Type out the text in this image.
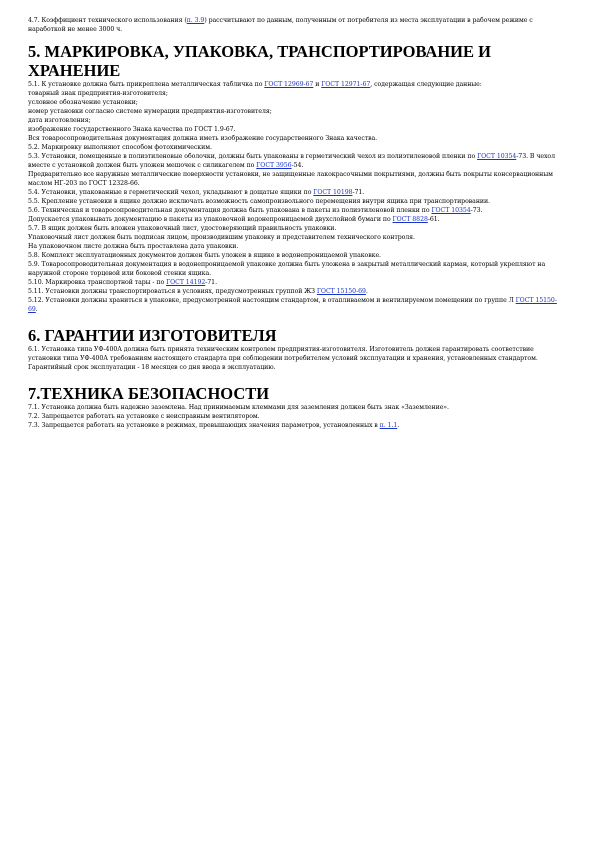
4.7. Коэффициент технического использования (п. 3.9) рассчитывают по данным, полученным от потребителя из места эксплуатации в рабочем режиме с наработкой не менее 3000 ч.

5. МАРКИРОВКА, УПАКОВКА, ТРАНСПОРТИРОВАНИЕ И ХРАНЕНИЕ

5.1. К установке должна быть прикреплена металлическая табличка по ГОСТ 12969-67 и ГОСТ 12971-67, содержащая следующие данные:

товарный знак предприятия-изготовителя;

условное обозначение установки;

номер установки согласно системе нумерации предприятия-изготовителя;

дата изготовления;

изображение государственного Знака качества по ГОСТ 1.9-67.

Вся товаросопроводительная документация должна иметь изображение государственного Знака качества.

5.2. Маркировку выполняют способом фотохимическим.

5.3. Установки, помещенные в полиэтиленовые оболочки, должны быть упакованы в герметический чехол из полиэтиленовой пленки по ГОСТ 10354-73. В чехол вместе с установкой должен быть уложен мешочек с силикагелем по ГОСТ 3956-54.

Предварительно все наружные металлические поверхности установки, не защищенные лакокрасочными покрытиями, должны быть покрыты консервационным маслом НГ-203 по ГОСТ 12328-66.

5.4. Установки, упакованные в герметический чехол, укладывают в дощатые ящики по ГОСТ 10198-71.

5.5. Крепление установки в ящике должно исключать возможность самопроизвольного перемещения внутри ящика при транспортировании.

5.6. Техническая и товаросопроводительная документация должна быть упакована в пакеты из полиэтиленовой пленки по ГОСТ 10354-73.

Допускается упаковывать документацию в пакеты из упаковочной водонепроницаемой двухслойной бумаги по ГОСТ 8828-61.

5.7. В ящик должен быть вложен упаковочный лист, удостоверяющий правильность упаковки.

Упаковочный лист должен быть подписан лицом, производившим упаковку и представителем технического контроля.

На упаковочном листе должна быть проставлена дата упаковки.

5.8. Комплект эксплуатационных документов должен быть уложен в ящике в водонепроницаемой упаковке.

5.9. Товаросопроводительная документация в водонепроницаемой упаковке должна быть уложена в закрытый металлический карман, который укрепляют на наружной стороне торцевой или боковой стенки ящика.

5.10. Маркировка транспортной тары - по ГОСТ 14192-71.

5.11. Установки должны транспортироваться в условиях, предусмотренных группой ЖЗ ГОСТ 15150-69.

5.12. Установки должны храниться в упаковке, предусмотренной настоящим стандартом, в отапливаемом и вентилируемом помещении по группе Л ГОСТ 15150-69.

6. ГАРАНТИИ ИЗГОТОВИТЕЛЯ

6.1. Установка типа УФ-400А должна быть принята техническим контролем предприятия-изготовителя. Изготовитель должен гарантировать соответствие установки типа УФ-400А требованиям настоящего стандарта при соблюдении потребителем условий эксплуатации и хранения, установленных стандартом.

Гарантийный срок эксплуатации - 18 месяцев со дня ввода в эксплуатацию.

7.ТЕХНИКА БЕЗОПАСНОСТИ

7.1. Установка должна быть надежно заземлена. Над принимаемым клеммами для заземления должен быть знак «Заземление».

7.2. Запрещается работать на установке с неисправным вентилятором.

7.3. Запрещается работать на установке в режимах, превышающих значения параметров, установленных в п. 1.1.
